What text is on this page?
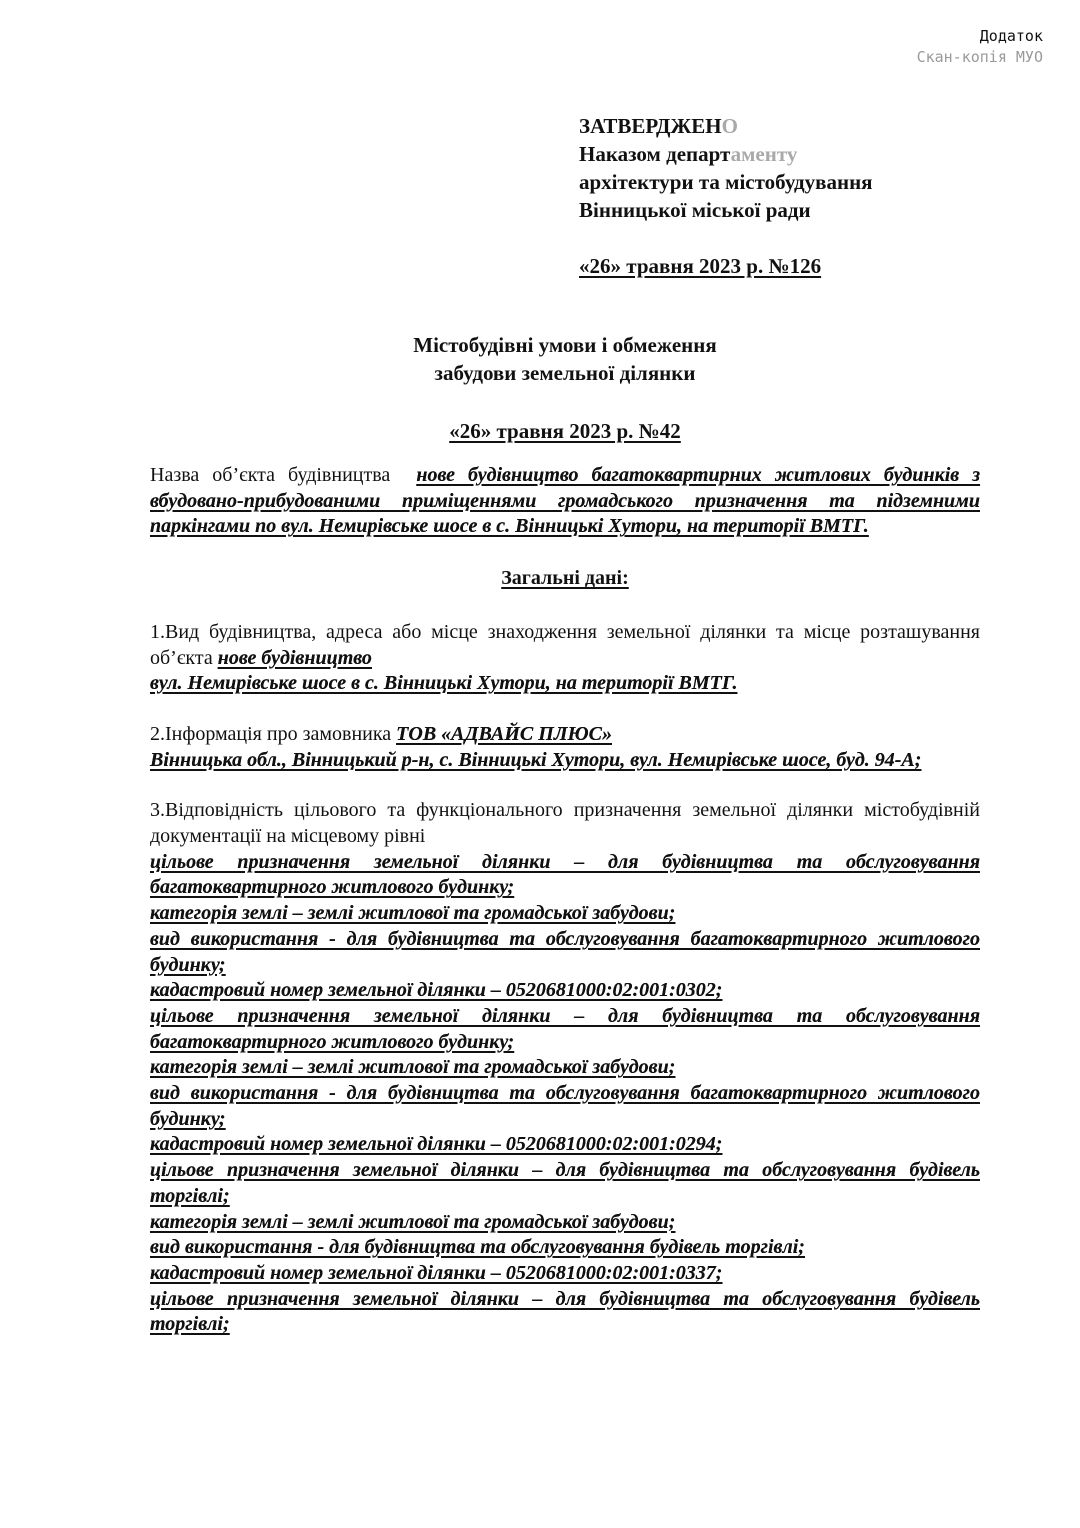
Додаток
Скан-копія МУО
ЗАТВЕРДЖЕНО
Наказом департаменту
архітектури та містобудування
Вінницької міської ради
«26» травня 2023 р. №126
Містобудівні умови і обмеження
забудови земельної ділянки
«26» травня 2023 р. №42

Назва об’єкта будівництва нове будівництво багатоквартирних житлових будинків з вбудовано-прибудованими приміщеннями громадського призначення та підземними паркінгами по вул. Немирівське шосе в с. Вінницькі Хутори, на території ВМТГ.

Загальні дані:

1.Вид будівництва, адреса або місце знаходження земельної ділянки та місце розташування об’єкта нове будівництво
вул. Немирівське шосе в с. Вінницькі Хутори, на території ВМТГ.

2.Інформація про замовника ТОВ «АДВАЙС ПЛЮС»
Вінницька обл., Вінницький р-н, с. Вінницькі Хутори, вул. Немирівське шосе, буд. 94-А;

3.Відповідність цільового та функціонального призначення земельної ділянки містобудівній документації на місцевому рівні
цільове призначення земельної ділянки – для будівництва та обслуговування багатоквартирного житлового будинку;
категорія землі – землі житлової та громадської забудови;
вид використання - для будівництва та обслуговування багатоквартирного житлового будинку;
кадастровий номер земельної ділянки – 0520681000:02:001:0302;
цільове призначення земельної ділянки – для будівництва та обслуговування багатоквартирного житлового будинку;
категорія землі – землі житлової та громадської забудови;
вид використання - для будівництва та обслуговування багатоквартирного житлового будинку;
кадастровий номер земельної ділянки – 0520681000:02:001:0294;
цільове призначення земельної ділянки – для будівництва та обслуговування будівель торгівлі;
категорія землі – землі житлової та громадської забудови;
вид використання - для будівництва та обслуговування будівель торгівлі;
кадастровий номер земельної ділянки – 0520681000:02:001:0337;
цільове призначення земельної ділянки – для будівництва та обслуговування будівель торгівлі;
